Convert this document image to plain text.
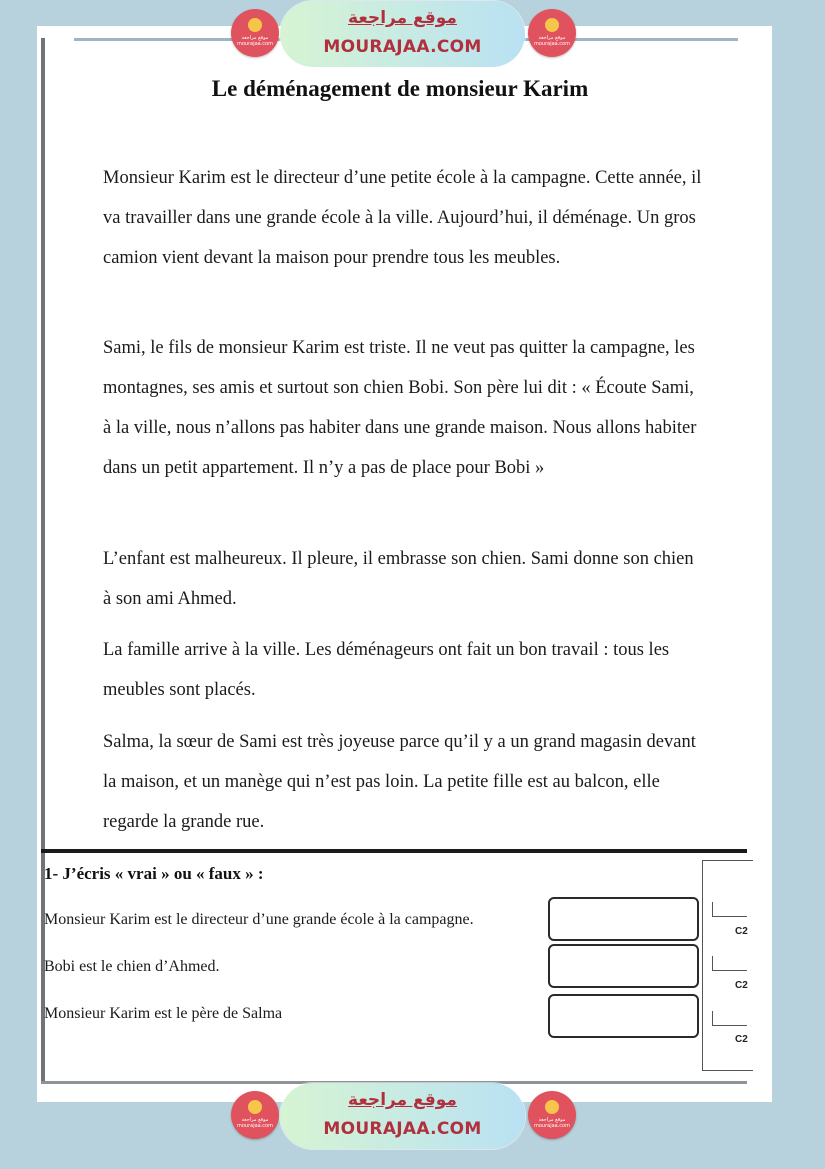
موقع مراجعة
mourajaa.com
موقع مراجعة
MOURAJAA.COM	موقع مراجعة
mourajaa.com
Le déménagement de monsieur Karim
Monsieur Karim est le directeur d’une petite école à la campagne. Cette année, il va travailler dans une grande école à la ville. Aujourd’hui, il déménage. Un gros camion vient devant la maison pour prendre tous les meubles.
Sami, le fils de monsieur Karim est triste. Il ne veut pas quitter la campagne, les montagnes, ses amis et surtout son chien Bobi. Son père lui dit : « Écoute Sami, à la ville, nous n’allons pas habiter dans une grande maison. Nous allons habiter dans un petit appartement. Il n’y a pas de place pour Bobi »
L’enfant est malheureux. Il pleure, il embrasse son chien. Sami donne son chien à son ami Ahmed.
La famille arrive à la ville. Les déménageurs ont fait un bon travail : tous les meubles sont placés.
Salma, la sœur de Sami est très joyeuse parce qu’il y a un grand magasin devant la maison, et un manège qui n’est pas loin. La petite fille est au balcon, elle regarde la grande rue.
1- J’écris « vrai » ou « faux » :
Monsieur Karim est le directeur d’une grande école à la campagne.
Bobi est le chien d’Ahmed.
Monsieur Karim est le père de Salma
C2
C2
C2
موقع مراجعة
mourajaa.com
موقع مراجعة
MOURAJAA.COM	موقع مراجعة
mourajaa.com
